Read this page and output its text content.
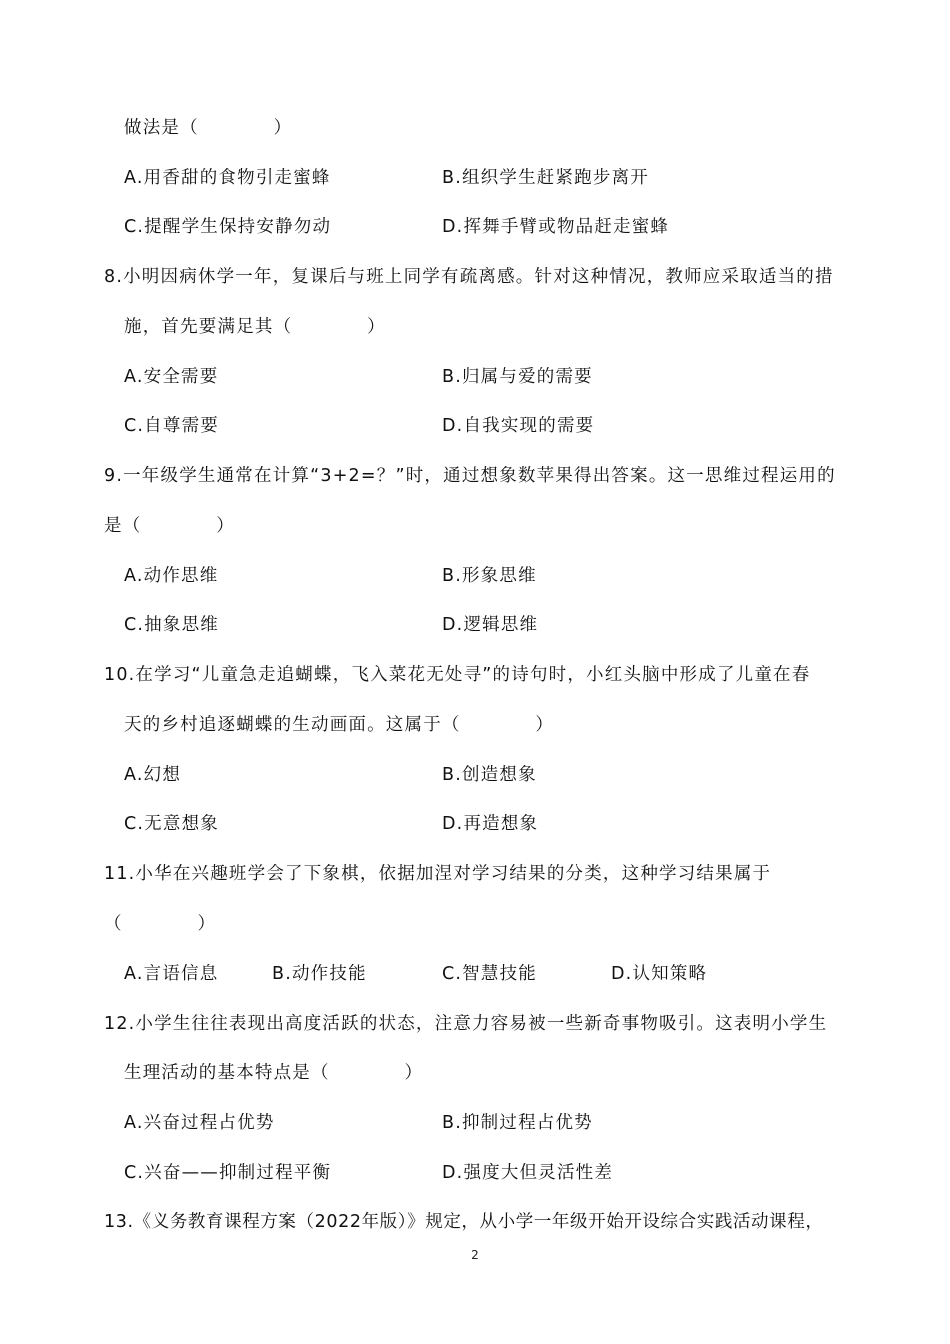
做法是（　　　　）
A.用香甜的食物引走蜜蜂	B.组织学生赶紧跑步离开
C.提醒学生保持安静勿动	D.挥舞手臂或物品赶走蜜蜂
8.小明因病休学一年，复课后与班上同学有疏离感。针对这种情况，教师应采取适当的措
施，首先要满足其（　　　　）
A.安全需要	B.归属与爱的需要
C.自尊需要	D.自我实现的需要
9.一年级学生通常在计算“3+2=？”时，通过想象数苹果得出答案。这一思维过程运用的
是（　　　　）
A.动作思维	B.形象思维
C.抽象思维	D.逻辑思维
10.在学习“儿童急走追蝴蝶，飞入菜花无处寻”的诗句时，小红头脑中形成了儿童在春
天的乡村追逐蝴蝶的生动画面。这属于（　　　　）
A.幻想	B.创造想象
C.无意想象	D.再造想象
11.小华在兴趣班学会了下象棋，依据加涅对学习结果的分类，这种学习结果属于
（　　　　）
A.言语信息	B.动作技能	C.智慧技能	D.认知策略
12.小学生往往表现出高度活跃的状态，注意力容易被一些新奇事物吸引。这表明小学生
生理活动的基本特点是（　　　　）
A.兴奋过程占优势	B.抑制过程占优势
C.兴奋——抑制过程平衡	D.强度大但灵活性差
13.《义务教育课程方案（2022年版）》规定，从小学一年级开始开设综合实践活动课程，
2
